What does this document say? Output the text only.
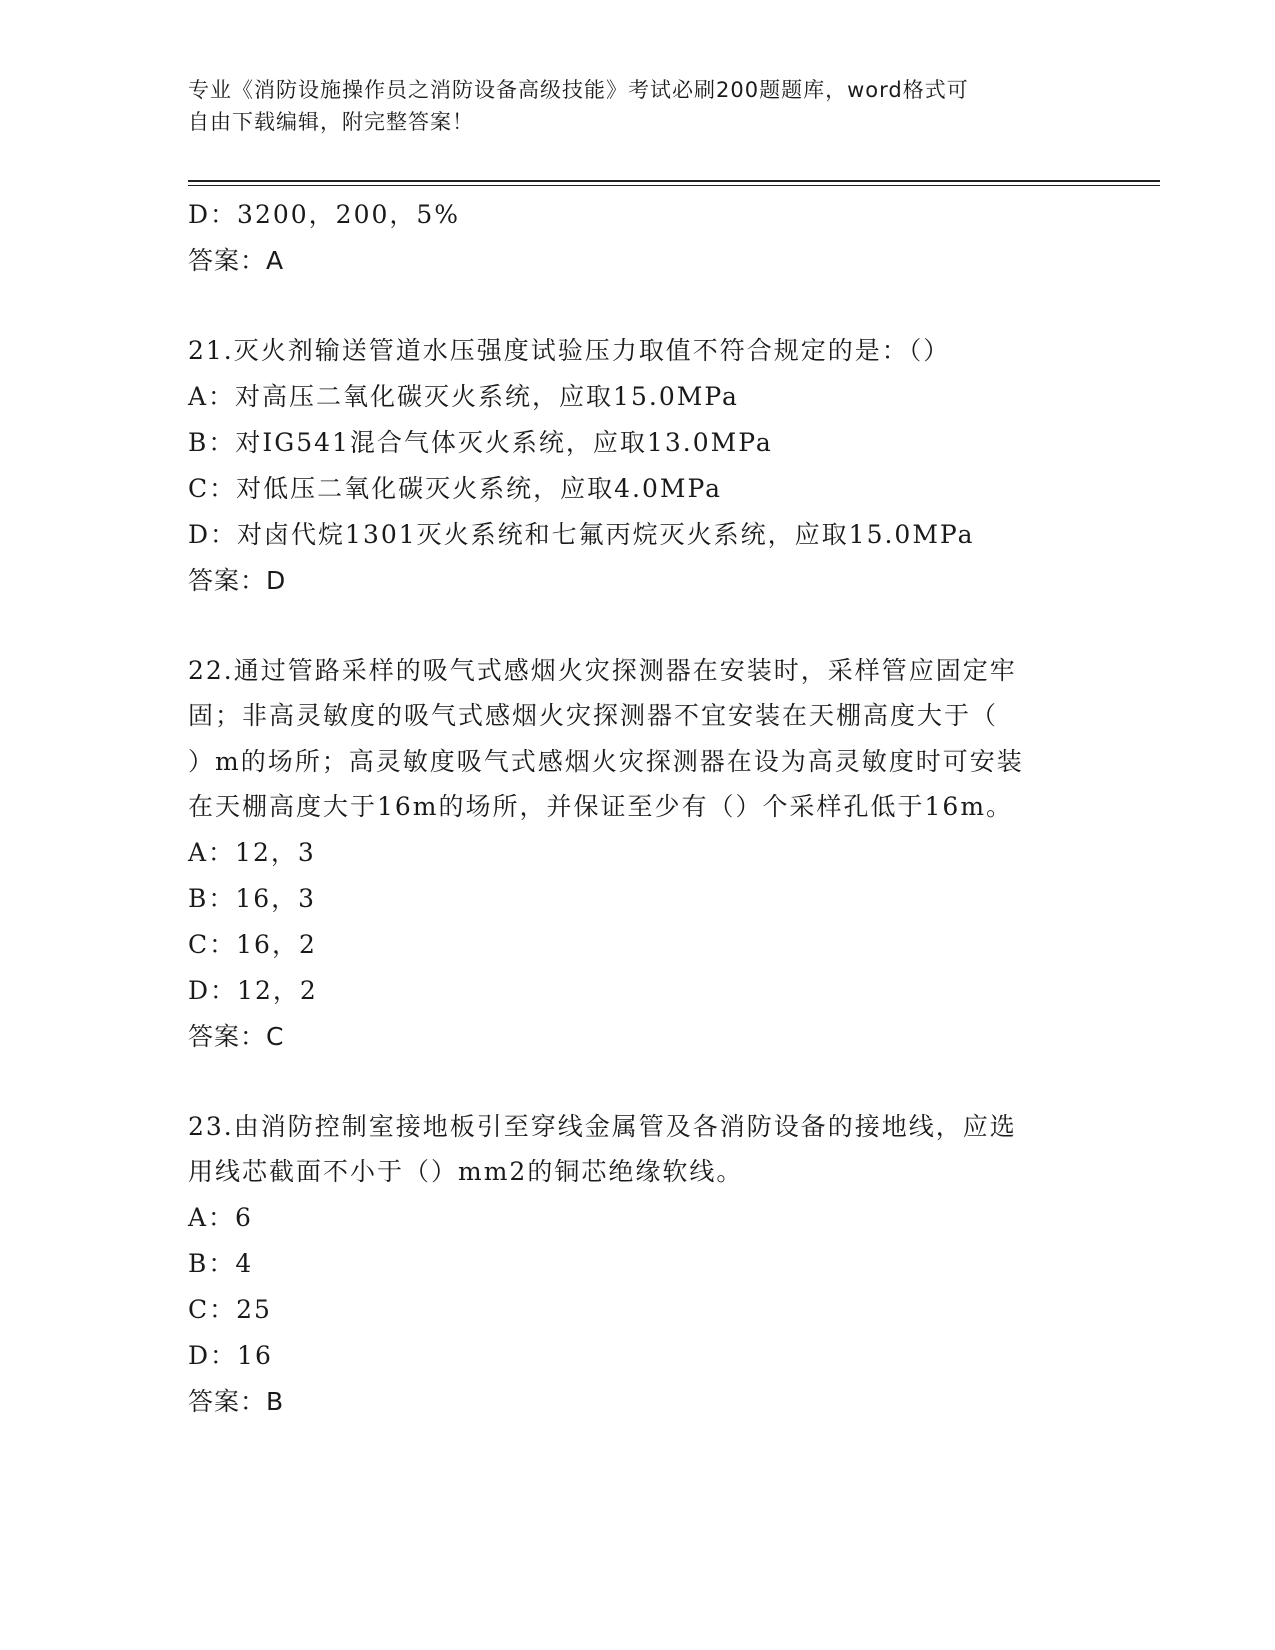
专业《消防设施操作员之消防设备高级技能》考试必刷200题题库，word格式可
自由下载编辑，附完整答案！
D：3200，200，5%
答案：A
21.灭火剂输送管道水压强度试验压力取值不符合规定的是：（）
A：对高压二氧化碳灭火系统，应取15.0MPa
B：对IG541混合气体灭火系统，应取13.0MPa
C：对低压二氧化碳灭火系统，应取4.0MPa
D：对卤代烷1301灭火系统和七氟丙烷灭火系统，应取15.0MPa
答案：D
22.通过管路采样的吸气式感烟火灾探测器在安装时，采样管应固定牢
固；非高灵敏度的吸气式感烟火灾探测器不宜安装在天棚高度大于（
）m的场所；高灵敏度吸气式感烟火灾探测器在设为高灵敏度时可安装
在天棚高度大于16m的场所，并保证至少有（）个采样孔低于16m。
A：12，3
B：16，3
C：16，2
D：12，2
答案：C
23.由消防控制室接地板引至穿线金属管及各消防设备的接地线，应选
用线芯截面不小于（）mm2的铜芯绝缘软线。
A：6
B：4
C：25
D：16
答案：B
